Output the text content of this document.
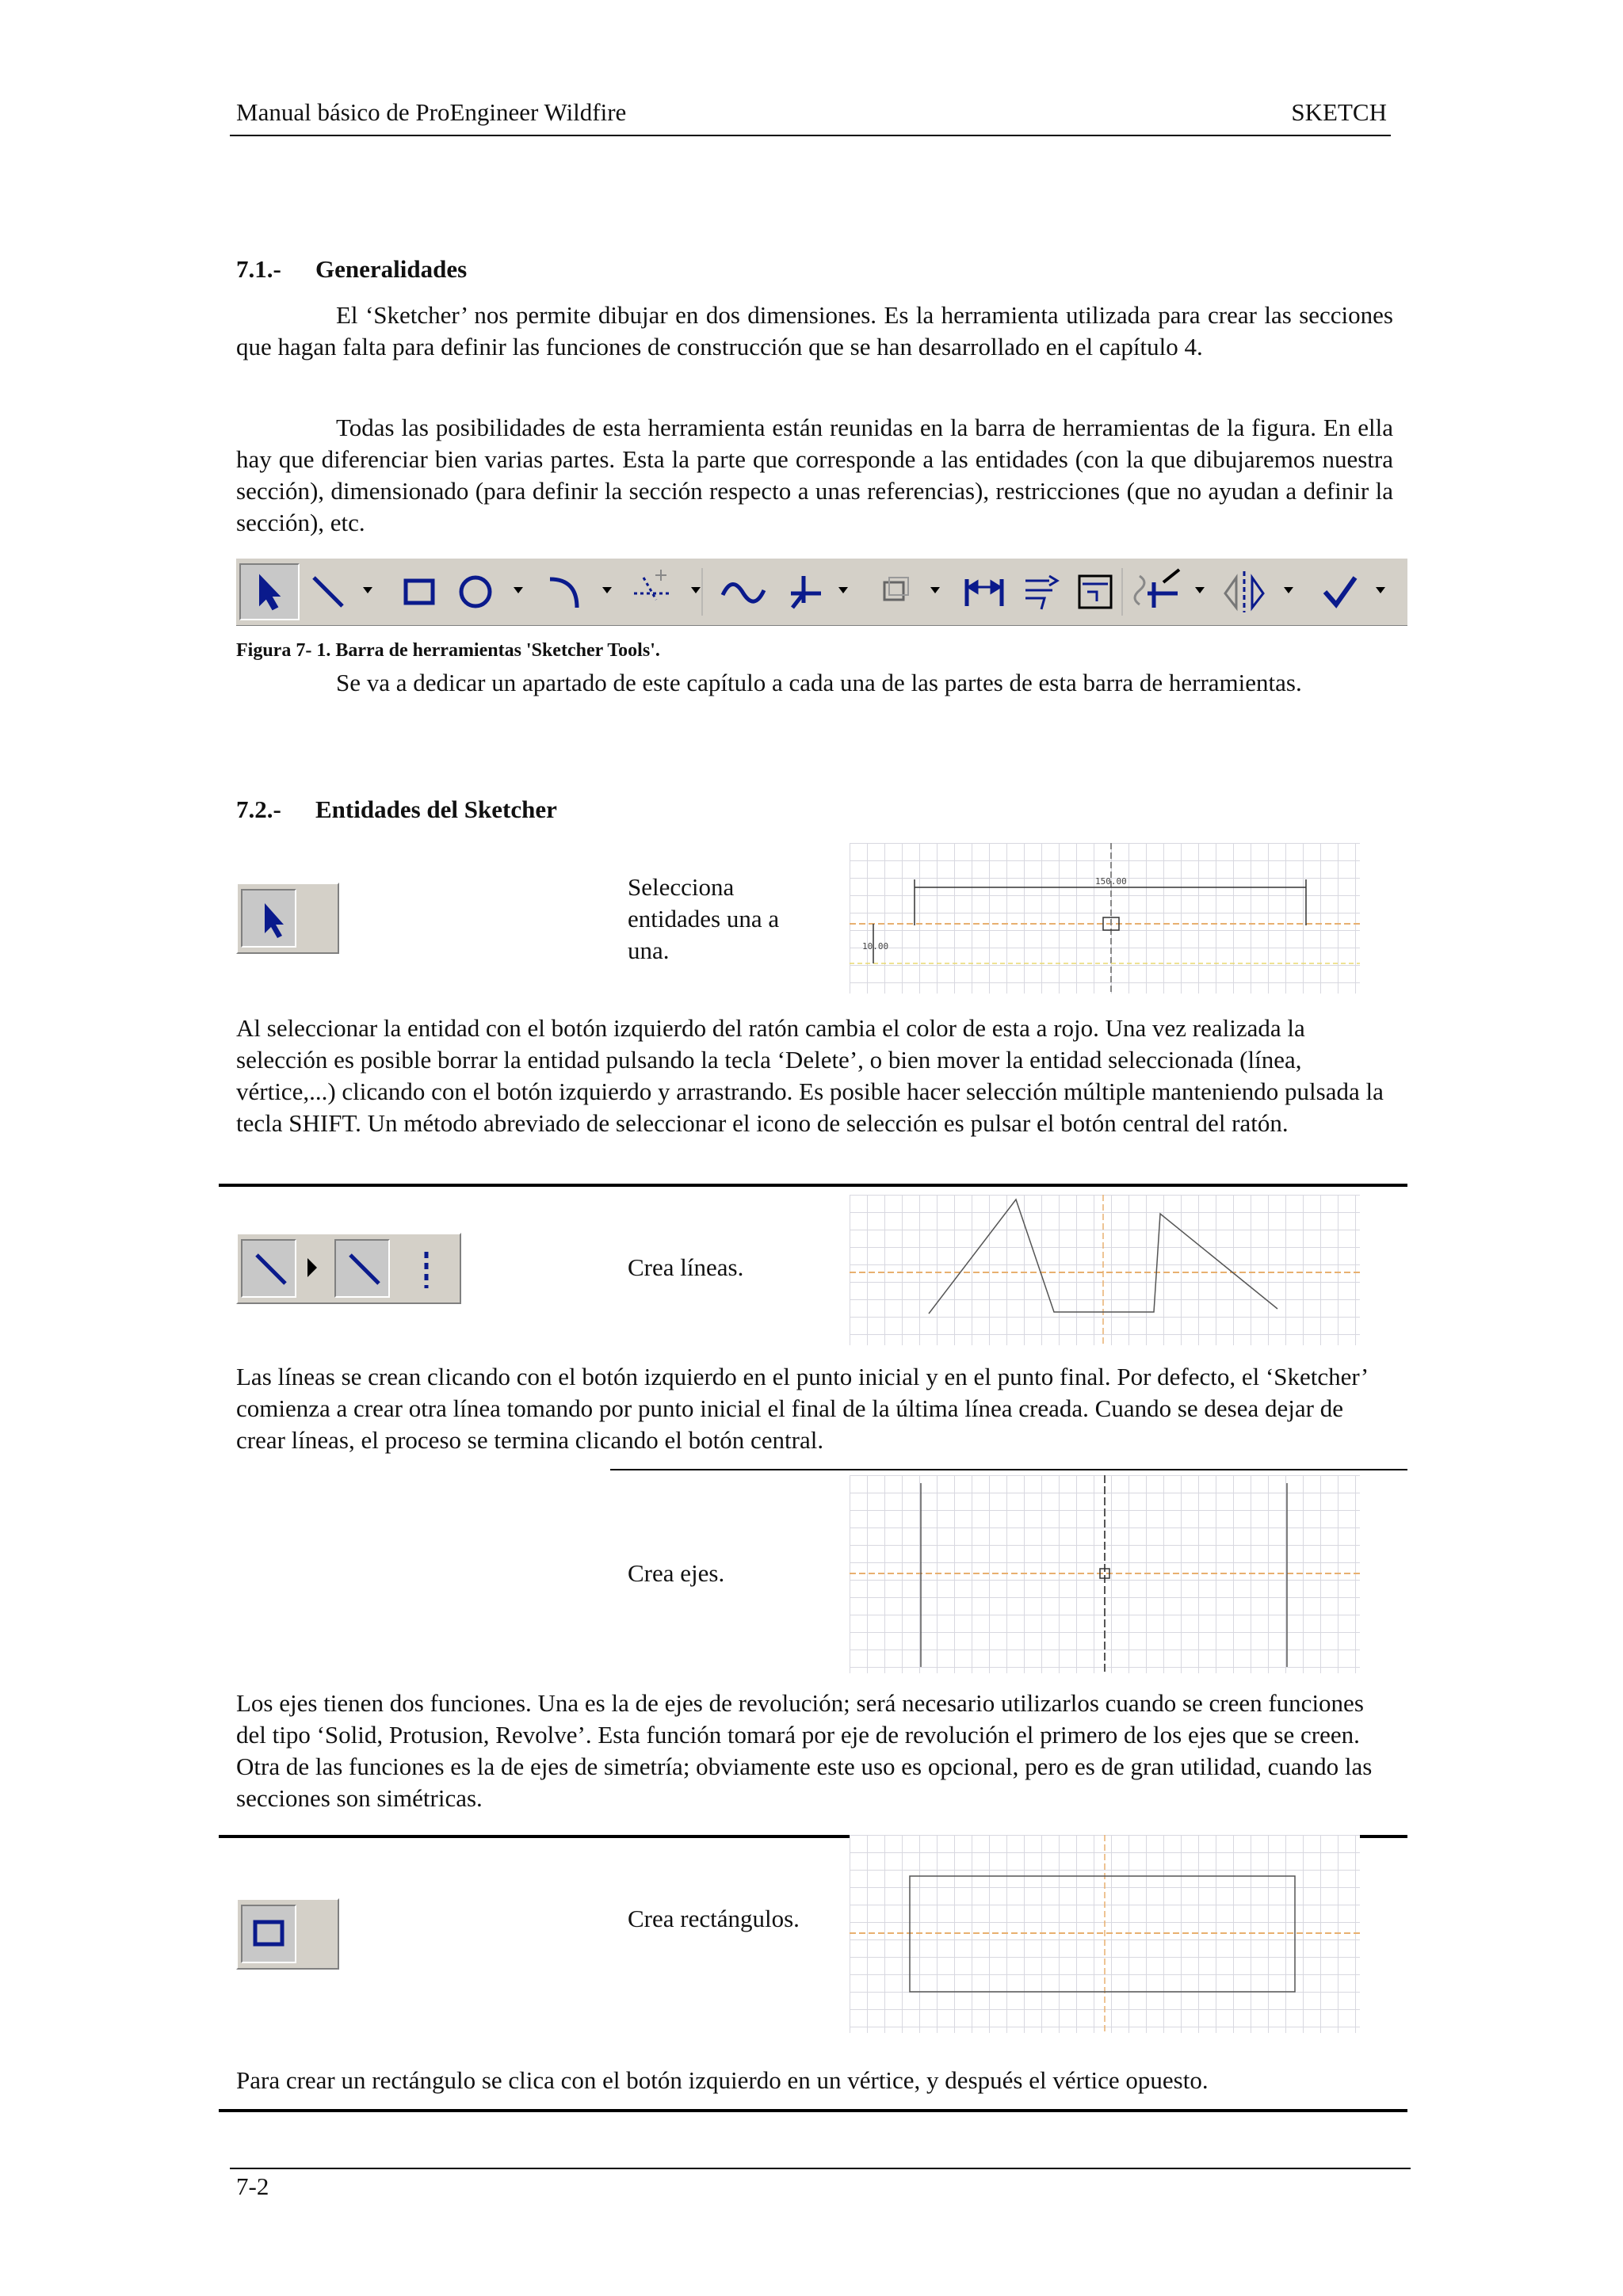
Manual básico de ProEngineer Wildfire	SKETCH
7.1.- Generalidades
El ‘Sketcher’ nos permite dibujar en dos dimensiones. Es la herramienta utilizada para crear las secciones que hagan falta para definir las funciones de construcción que se han desarrollado en el capítulo 4.
Todas las posibilidades de esta herramienta están reunidas en la barra de herramientas de la figura. En ella hay que diferenciar bien varias partes. Esta la parte que corresponde a las entidades (con la que dibujaremos nuestra sección), dimensionado (para definir la sección respecto a unas referencias), restricciones (que no ayudan a definir la sección), etc.
Figura 7- 1. Barra de herramientas 'Sketcher Tools'.
Se va a dedicar un apartado de este capítulo a cada una de las partes de esta barra de herramientas.
7.2.- Entidades del Sketcher
Selecciona entidades una a una.	10.00
150.00
Al seleccionar la entidad con el botón izquierdo del ratón cambia el color de esta a rojo. Una vez realizada la selección es posible borrar la entidad pulsando la tecla ‘Delete’, o bien mover la entidad seleccionada (línea, vértice,...) clicando con el botón izquierdo y arrastrando. Es posible hacer selección múltiple manteniendo pulsada la tecla SHIFT. Un método abreviado de seleccionar el icono de selección es pulsar el botón central del ratón.
Crea líneas.
Las líneas se crean clicando con el botón izquierdo en el punto inicial y en el punto final. Por defecto, el ‘Sketcher’ comienza a crear otra línea tomando por punto inicial el final de la última línea creada. Cuando se desea dejar de crear líneas, el proceso se termina clicando el botón central.
Crea ejes.
Los ejes tienen dos funciones. Una es la de ejes de revolución; será necesario utilizarlos cuando se creen funciones del tipo ‘Solid, Protusion, Revolve’. Esta función tomará por eje de revolución el primero de los ejes que se creen. Otra de las funciones es la de ejes de simetría; obviamente este uso es opcional, pero es de gran utilidad, cuando las secciones son simétricas.
Crea rectángulos.
Para crear un rectángulo se clica con el botón izquierdo en un vértice, y después el vértice opuesto.
7-2
